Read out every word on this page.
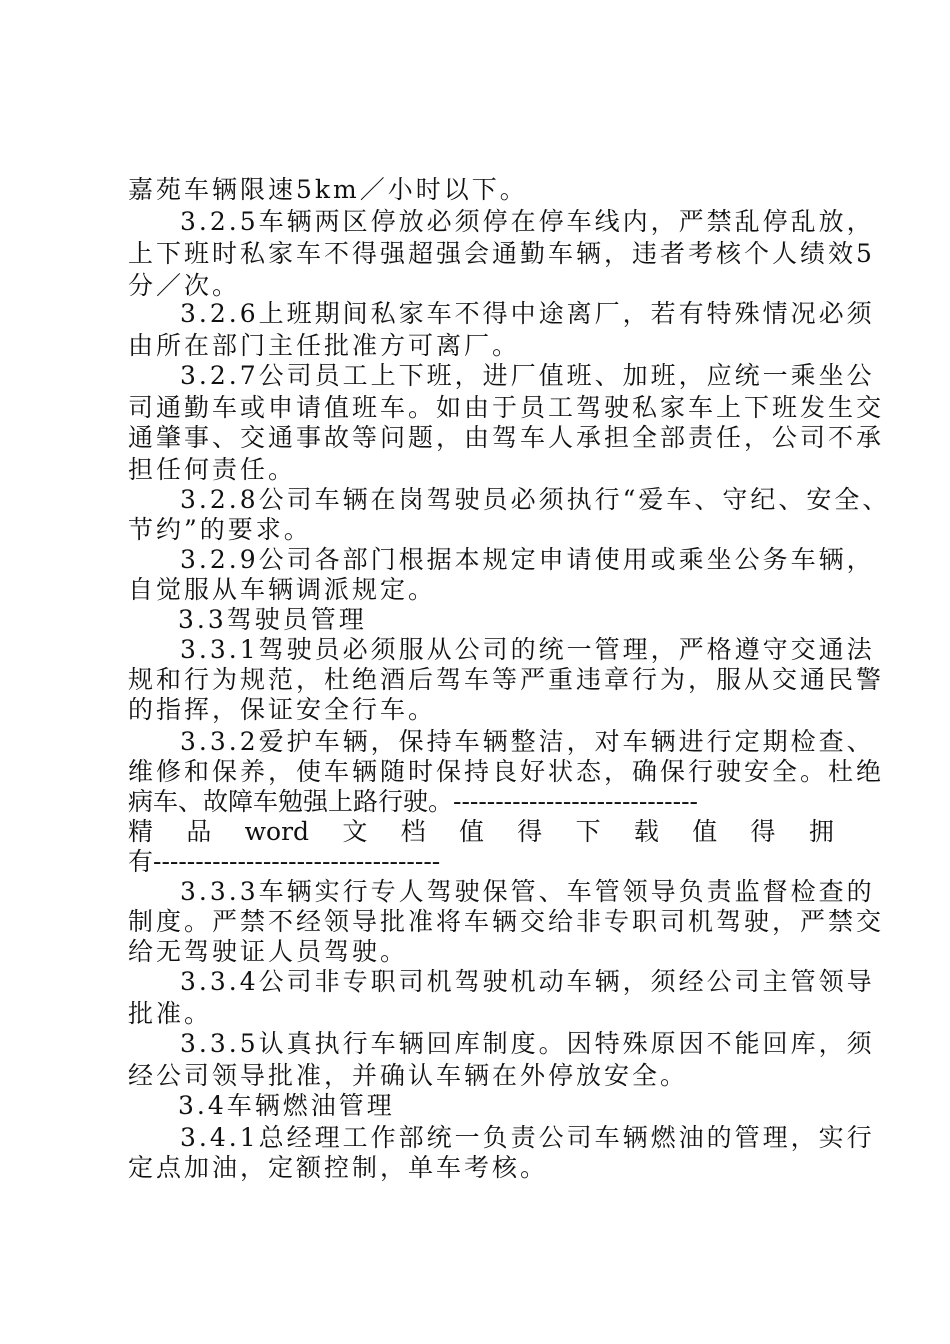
嘉苑车辆限速5km／小时以下。
3.2.5车辆两区停放必须停在停车线内，严禁乱停乱放，
上下班时私家车不得强超强会通勤车辆，违者考核个人绩效5
分／次。
3.2.6上班期间私家车不得中途离厂，若有特殊情况必须
由所在部门主任批准方可离厂。
3.2.7公司员工上下班，进厂值班、加班，应统一乘坐公
司通勤车或申请值班车。如由于员工驾驶私家车上下班发生交
通肇事、交通事故等问题，由驾车人承担全部责任，公司不承
担任何责任。
3.2.8公司车辆在岗驾驶员必须执行“爱车、守纪、安全、
节约”的要求。
3.2.9公司各部门根据本规定申请使用或乘坐公务车辆，
自觉服从车辆调派规定。
3.3驾驶员管理
3.3.1驾驶员必须服从公司的统一管理，严格遵守交通法
规和行为规范，杜绝酒后驾车等严重违章行为，服从交通民警
的指挥，保证安全行车。
3.3.2爱护车辆，保持车辆整洁，对车辆进行定期检查、
维修和保养，使车辆随时保持良好状态，确保行驶安全。杜绝
病车、故障车勉强上路行驶。-----------------------------
精 品 word 文 档 值 得 下 载 值 得 拥
有----------------------------------
3.3.3车辆实行专人驾驶保管、车管领导负责监督检查的
制度。严禁不经领导批准将车辆交给非专职司机驾驶，严禁交
给无驾驶证人员驾驶。
3.3.4公司非专职司机驾驶机动车辆，须经公司主管领导
批准。
3.3.5认真执行车辆回库制度。因特殊原因不能回库，须
经公司领导批准，并确认车辆在外停放安全。
3.4车辆燃油管理
3.4.1总经理工作部统一负责公司车辆燃油的管理，实行
定点加油，定额控制，单车考核。
